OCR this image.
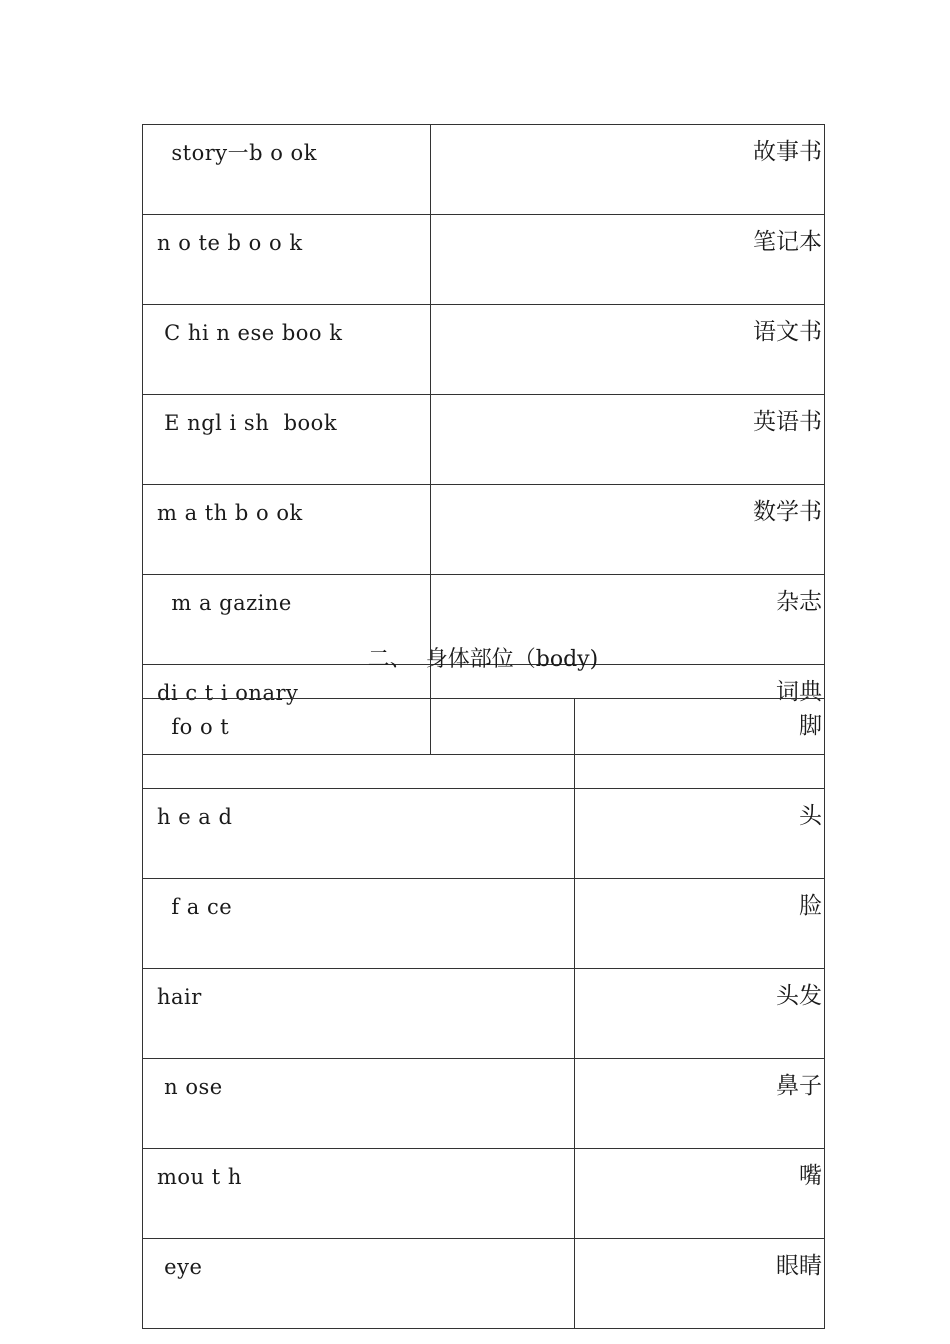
story一b o ok	故事书
n o te b o o k	笔记本
C hi n ese boo k	语文书
E ngl i sh  book	英语书
m a th b o ok	数学书
m a gazine	杂志
di c t i onary	词典
二、  身体部位（body)
fo o t	脚
h e a d	头
f a ce	脸
hair	头发
n ose	鼻子
mou t h	嘴
eye	眼睛
